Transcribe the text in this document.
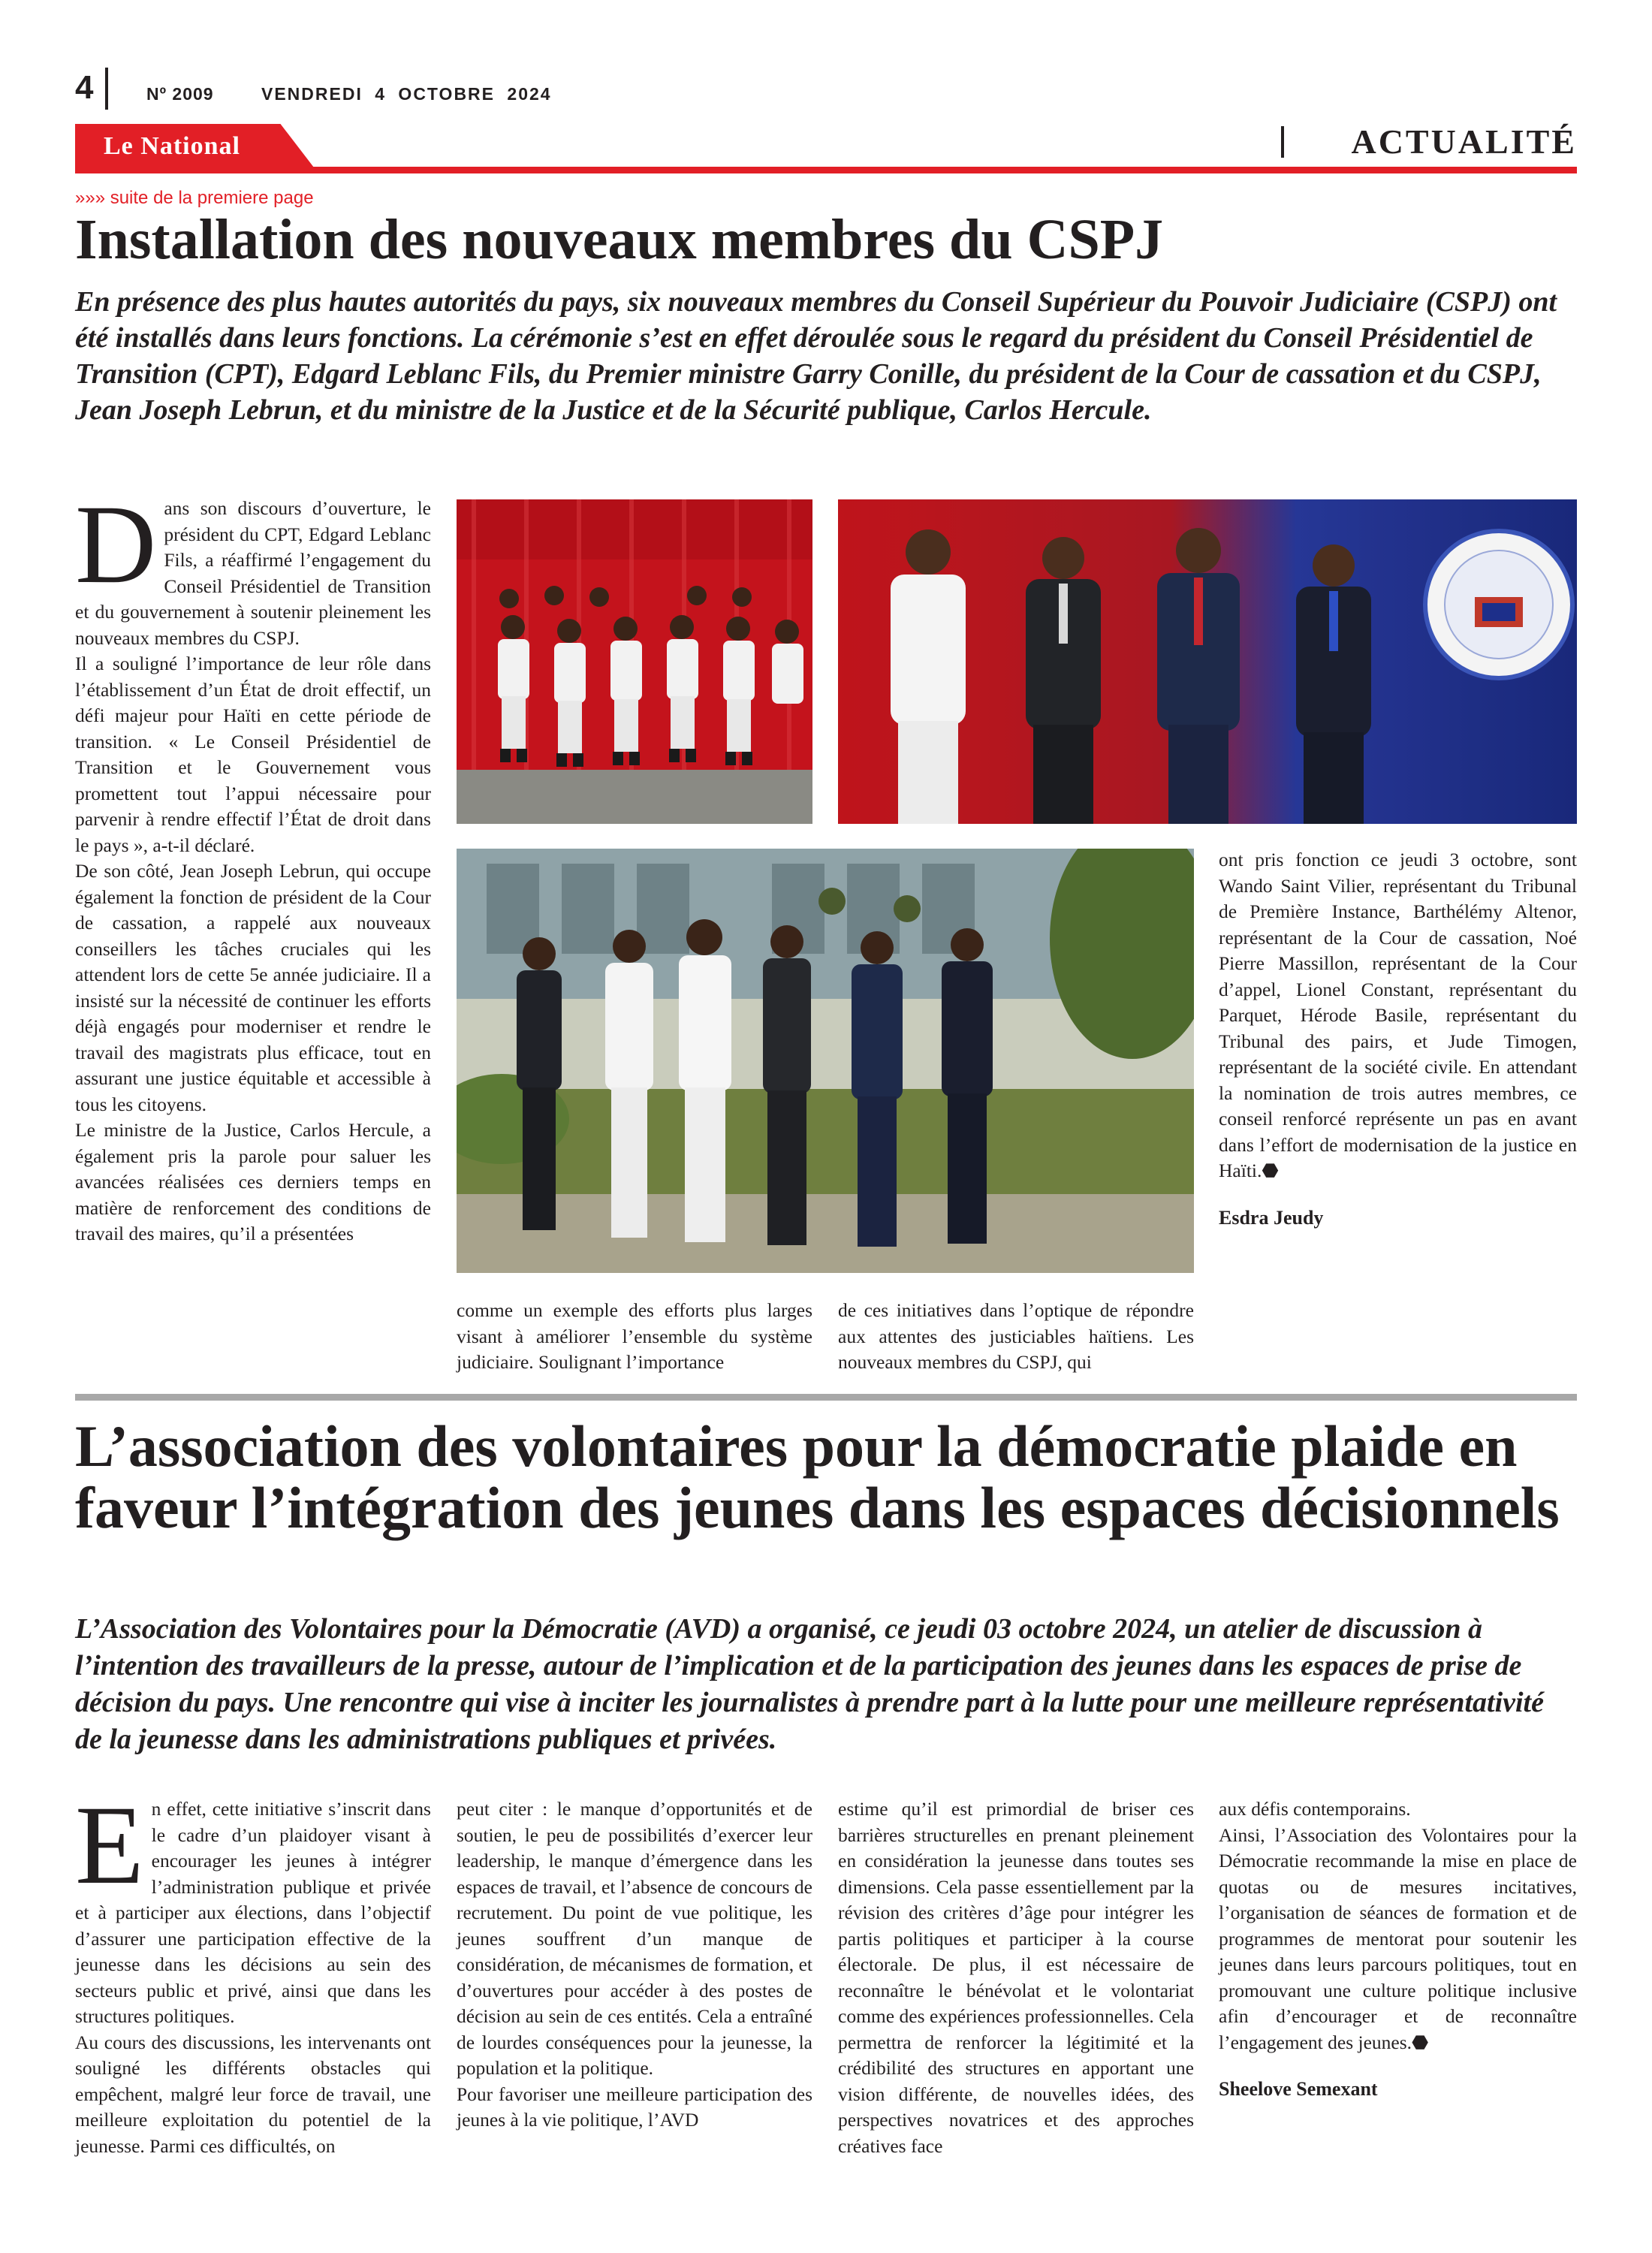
4	Nº 2009	VENDREDI 4 OCTOBRE 2024
Le National	ACTUALITÉ
»»» suite de la premiere page
Installation des nouveaux membres du CSPJ
En présence des plus hautes autorités du pays, six nouveaux membres du Conseil Supérieur du Pouvoir Judiciaire (CSPJ) ont été installés dans leurs fonctions. La cérémonie s’est en effet déroulée sous le regard du président du Conseil Présidentiel de Transition (CPT), Edgard Leblanc Fils, du Premier ministre Garry Conille, du président de la Cour de cassation et du CSPJ, Jean Joseph Lebrun, et du ministre de la Justice et de la Sécurité publique, Carlos Hercule.
D ans son discours d’ouverture, le président du CPT, Edgard Leblanc Fils, a réaffirmé l’engagement du Conseil Présidentiel de Transition et du gouvernement à soutenir pleinement les nouveaux membres du CSPJ.

Il a souligné l’importance de leur rôle dans l’établissement d’un État de droit effectif, un défi majeur pour Haïti en cette période de transition. « Le Conseil Présidentiel de Transition et le Gouvernement vous promettent tout l’appui nécessaire pour parvenir à rendre effectif l’État de droit dans le pays », a-t-il déclaré.

De son côté, Jean Joseph Lebrun, qui occupe également la fonction de président de la Cour de cassation, a rappelé aux nouveaux conseillers les tâches cruciales qui les attendent lors de cette 5e année judiciaire. Il a insisté sur la nécessité de continuer les efforts déjà engagés pour moderniser et rendre le travail des magistrats plus efficace, tout en assurant une justice équitable et accessible à tous les citoyens.

Le ministre de la Justice, Carlos Hercule, a également pris la parole pour saluer les avancées réalisées ces derniers temps en matière de renforcement des conditions de travail des maires, qu’il a présentées

comme un exemple des efforts plus larges visant à améliorer l’ensemble du système judiciaire. Soulignant l’importance

de ces initiatives dans l’optique de répondre aux attentes des justiciables haïtiens. Les nouveaux membres du CSPJ, qui

ont pris fonction ce jeudi 3 octobre, sont Wando Saint Vilier, représentant du Tribunal de Première Instance, Barthélémy Altenor, représentant de la Cour de cassation, Noé Pierre Massillon, représentant de la Cour d’appel, Lionel Constant, représentant du Parquet, Hérode Basile, représentant du Tribunal des pairs, et Jude Timogen, représentant de la société civile. En attendant la nomination de trois autres membres, ce conseil renforcé représente un pas en avant dans l’effort de modernisation de la justice en Haïti.⬣

Esdra Jeudy

L’association des volontaires pour la démocratie plaide en faveur l’intégration des jeunes dans les espaces décisionnels
L’Association des Volontaires pour la Démocratie (AVD) a organisé, ce jeudi 03 octobre 2024, un atelier de discussion à l’intention des travailleurs de la presse, autour de l’implication et de la participation des jeunes dans les espaces de prise de décision du pays. Une rencontre qui vise à inciter les journalistes à prendre part à la lutte pour une meilleure représentativité de la jeunesse dans les administrations publiques et privées.
E n effet, cette initiative s’inscrit dans le cadre d’un plaidoyer visant à encourager les jeunes à intégrer l’administration publique et privée et à participer aux élections, dans l’objectif d’assurer une participation effective de la jeunesse dans les décisions au sein des secteurs public et privé, ainsi que dans les structures politiques.

Au cours des discussions, les intervenants ont souligné les différents obstacles qui empêchent, malgré leur force de travail, une meilleure exploitation du potentiel de la jeunesse. Parmi ces difficultés, on

peut citer : le manque d’opportunités et de soutien, le peu de possibilités d’exercer leur leadership, le manque d’émergence dans les espaces de travail, et l’absence de concours de recrutement. Du point de vue politique, les jeunes souffrent d’un manque de considération, de mécanismes de formation, et d’ouvertures pour accéder à des postes de décision au sein de ces entités. Cela a entraîné de lourdes conséquences pour la jeunesse, la population et la politique.

Pour favoriser une meilleure participation des jeunes à la vie politique, l’AVD

estime qu’il est primordial de briser ces barrières structurelles en prenant pleinement en considération la jeunesse dans toutes ses dimensions. Cela passe essentiellement par la révision des critères d’âge pour intégrer les partis politiques et participer à la course électorale. De plus, il est nécessaire de reconnaître le bénévolat et le volontariat comme des expériences professionnelles. Cela permettra de renforcer la légitimité et la crédibilité des structures en apportant une vision différente, de nouvelles idées, des perspectives novatrices et des approches créatives face

aux défis contemporains.

Ainsi, l’Association des Volontaires pour la Démocratie recommande la mise en place de quotas ou de mesures incitatives, l’organisation de séances de formation et de programmes de mentorat pour soutenir les jeunes dans leurs parcours politiques, tout en promouvant une culture politique inclusive afin d’encourager et de reconnaître l’engagement des jeunes.⬣

Sheelove Semexant
